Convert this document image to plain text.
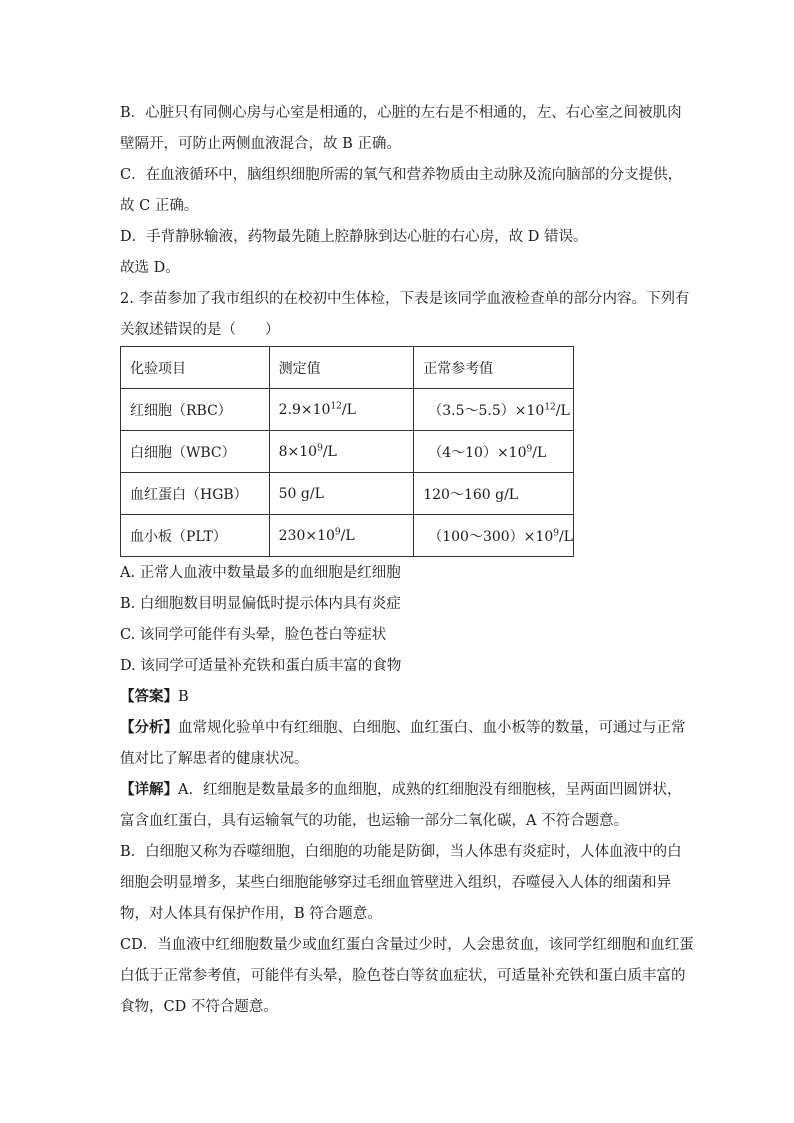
B．心脏只有同侧心房与心室是相通的，心脏的左右是不相通的，左、右心室之间被肌肉
壁隔开，可防止两侧血液混合，故 B 正确。
C．在血液循环中，脑组织细胞所需的氧气和营养物质由主动脉及流向脑部的分支提供，
故 C 正确。
D．手背静脉输液，药物最先随上腔静脉到达心脏的右心房，故 D 错误。
故选 D。
2. 李苗参加了我市组织的在校初中生体检，下表是该同学血液检查单的部分内容。下列有
关叙述错误的是（　　）
化验项目	测定值	正常参考值
红细胞（RBC）	$2.9\times 10^{12}/L$	$(3.5\sim 5.5)\times 10^{12}/L$
白细胞（WBC）	$8\times 10^9/L$	$(4\sim 10)\times 10^9/L$
血红蛋白（HGB）	50 g/L	120～160 g/L
血小板（PLT）	$230\times 10^9/L$	$(100\sim 300)\times 10^9/L$
A. 正常人血液中数量最多的血细胞是红细胞
B. 白细胞数目明显偏低时提示体内具有炎症
C. 该同学可能伴有头晕，脸色苍白等症状
D. 该同学可适量补充铁和蛋白质丰富的食物
【答案】B
【分析】血常规化验单中有红细胞、白细胞、血红蛋白、血小板等的数量，可通过与正常
值对比了解患者的健康状况。
【详解】A．红细胞是数量最多的血细胞，成熟的红细胞没有细胞核，呈两面凹圆饼状，
富含血红蛋白，具有运输氧气的功能，也运输一部分二氧化碳，A 不符合题意。
B．白细胞又称为吞噬细胞，白细胞的功能是防御，当人体患有炎症时，人体血液中的白
细胞会明显增多，某些白细胞能够穿过毛细血管壁进入组织，吞噬侵入人体的细菌和异
物，对人体具有保护作用，B 符合题意。
CD．当血液中红细胞数量少或血红蛋白含量过少时，人会患贫血，该同学红细胞和血红蛋
白低于正常参考值，可能伴有头晕，脸色苍白等贫血症状，可适量补充铁和蛋白质丰富的
食物，CD 不符合题意。
